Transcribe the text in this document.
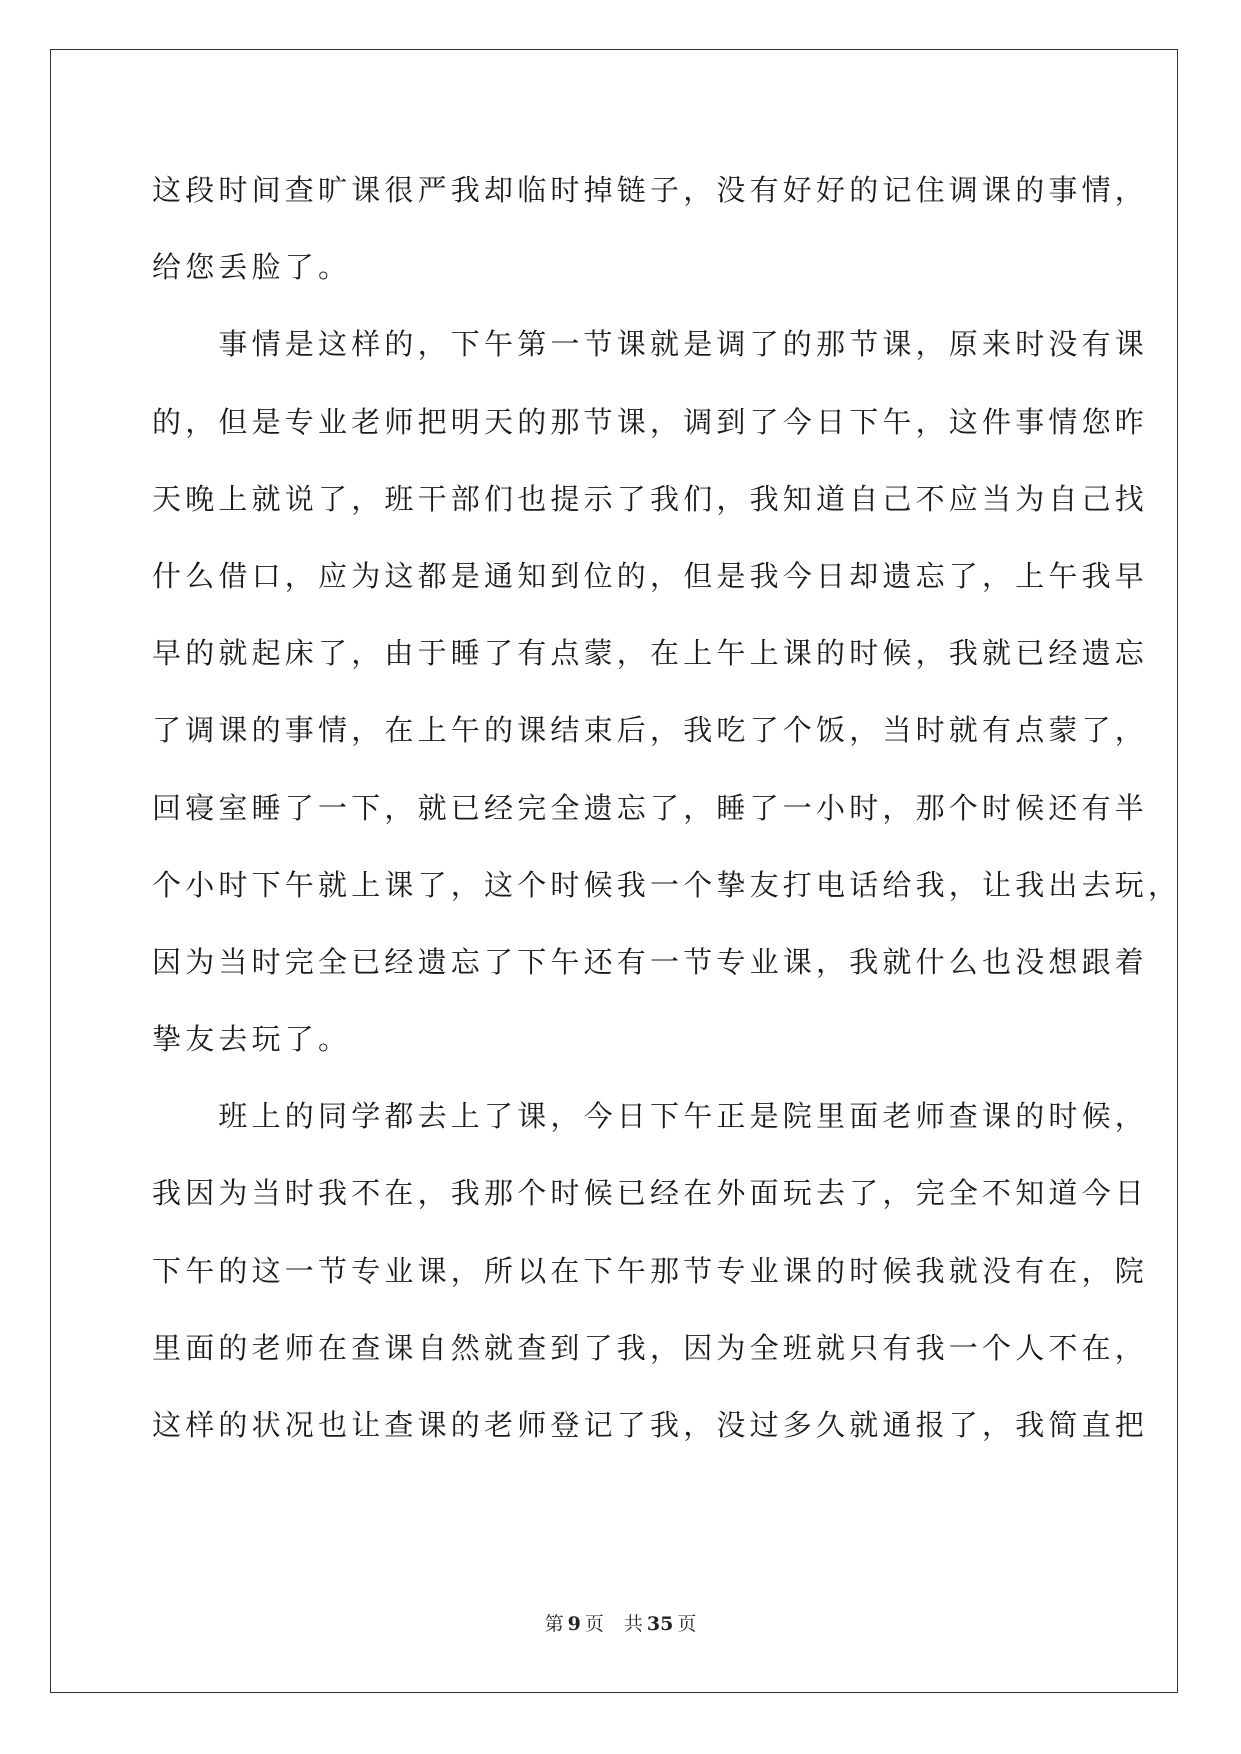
这段时间查旷课很严我却临时掉链子，没有好好的记住调课的事情，
给您丢脸了。
　　事情是这样的，下午第一节课就是调了的那节课，原来时没有课
的，但是专业老师把明天的那节课，调到了今日下午，这件事情您昨
天晚上就说了，班干部们也提示了我们，我知道自己不应当为自己找
什么借口，应为这都是通知到位的，但是我今日却遗忘了，上午我早
早的就起床了，由于睡了有点蒙，在上午上课的时候，我就已经遗忘
了调课的事情，在上午的课结束后，我吃了个饭，当时就有点蒙了，
回寝室睡了一下，就已经完全遗忘了，睡了一小时，那个时候还有半
个小时下午就上课了，这个时候我一个挚友打电话给我，让我出去玩，
因为当时完全已经遗忘了下午还有一节专业课，我就什么也没想跟着
挚友去玩了。
　　班上的同学都去上了课，今日下午正是院里面老师查课的时候，
我因为当时我不在，我那个时候已经在外面玩去了，完全不知道今日
下午的这一节专业课，所以在下午那节专业课的时候我就没有在，院
里面的老师在查课自然就查到了我，因为全班就只有我一个人不在，
这样的状况也让查课的老师登记了我，没过多久就通报了，我简直把
第 9 页 共 35 页
